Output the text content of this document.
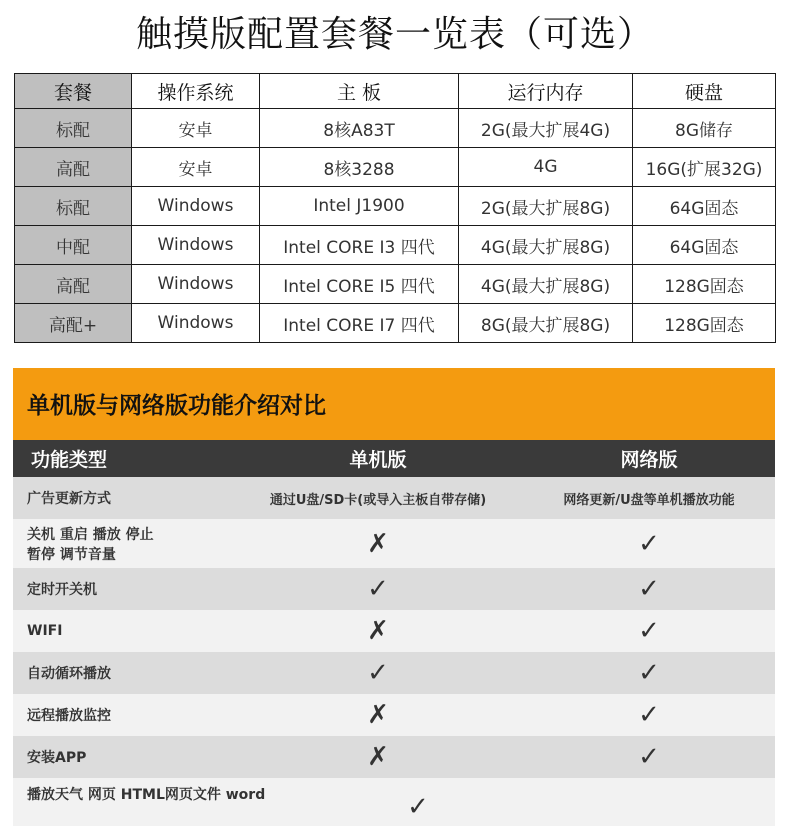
触摸版配置套餐一览表（可选）
套餐	操作系统	主 板	运行内存	硬盘
标配	安卓	8核A83T	2G(最大扩展4G)	8G储存
高配	安卓	8核3288	4G	16G(扩展32G)
标配	Windows	Intel J1900	2G(最大扩展8G)	64G固态
中配	Windows	Intel CORE I3 四代	4G(最大扩展8G)	64G固态
高配	Windows	Intel CORE I5 四代	4G(最大扩展8G)	128G固态
高配+	Windows	Intel CORE I7 四代	8G(最大扩展8G)	128G固态
单机版与网络版功能介绍对比
功能类型	单机版	网络版
广告更新方式	通过U盘/SD卡(或导入主板自带存储)	网络更新/U盘等单机播放功能
关机 重启 播放 停止
暂停 调节音量	✗	✓
定时开关机	✓	✓
WIFI	✗	✓
自动循环播放	✓	✓
远程播放监控	✗	✓
安装APP	✗	✓
播放天气 网页 HTML网页文件 word	✓
